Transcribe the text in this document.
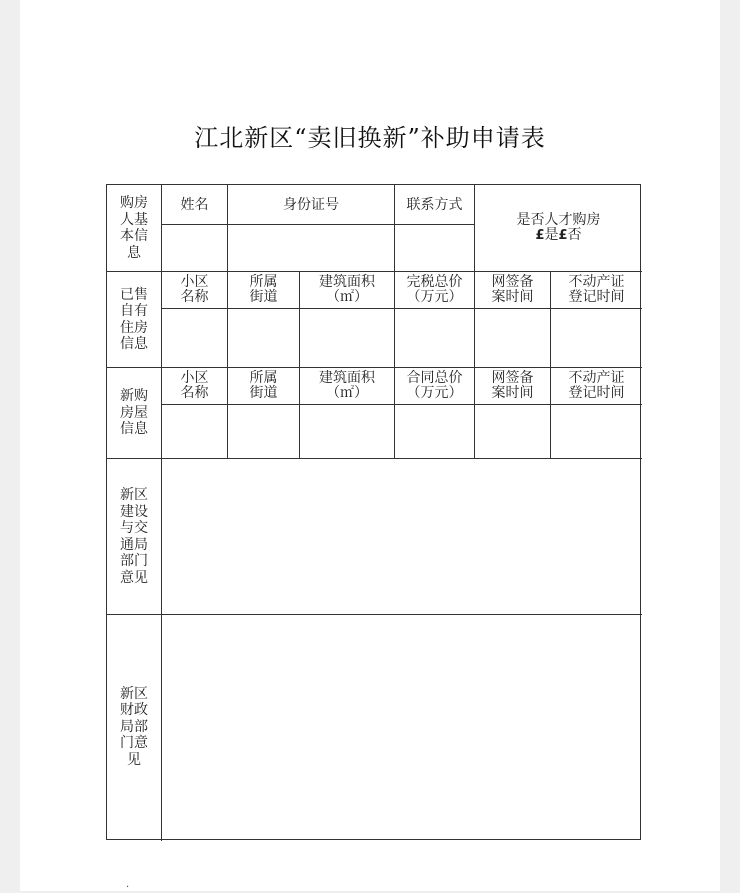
江北新区“卖旧换新”补助申请表
购房人基本信息
姓名	身份证号	联系方式
是否人才购房
£是£否
已售自有住房信息
小区
名称
所属
街道
建筑面积
（㎡）
完税总价
（万元）
网签备
案时间
不动产证
登记时间
新购房屋信息
小区
名称
所属
街道
建筑面积
（㎡）
合同总价
（万元）
网签备
案时间
不动产证
登记时间
新区建设与交通局部门意见
新区财政局部门意见
·
